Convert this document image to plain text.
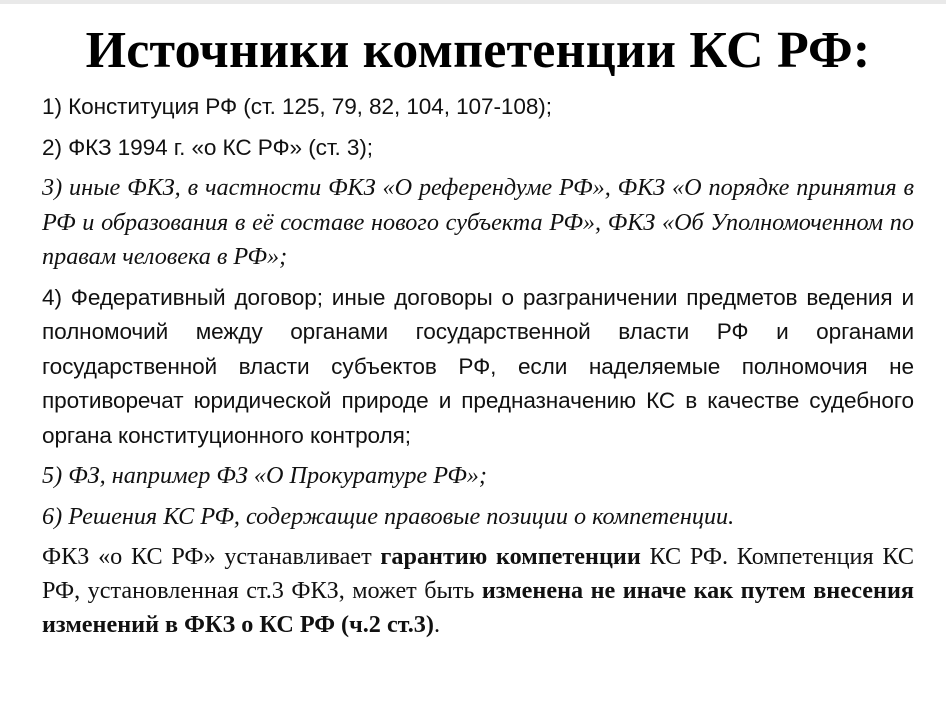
Источники компетенции КС РФ:
1) Конституция РФ (ст. 125, 79, 82, 104, 107-108);
2) ФКЗ 1994 г. «о КС РФ» (ст. 3);
3) иные ФКЗ, в частности ФКЗ «О референдуме РФ», ФКЗ «О порядке принятия в РФ и образования в её составе нового субъекта РФ», ФКЗ «Об Уполномоченном по правам человека в РФ»;
4) Федеративный договор; иные договоры о разграничении предметов ведения и полномочий между органами государственной власти РФ и органами государственной власти субъектов РФ, если наделяемые полномочия не противоречат юридической природе и предназначению КС в качестве судебного органа конституционного контроля;
5) ФЗ, например ФЗ «О Прокуратуре РФ»;
6) Решения КС РФ, содержащие правовые позиции о компетенции.

ФКЗ «о КС РФ» устанавливает гарантию компетенции КС РФ. Компетенция КС РФ, установленная ст.3 ФКЗ, может быть изменена не иначе как путем внесения изменений в ФКЗ о КС РФ (ч.2 ст.3).
